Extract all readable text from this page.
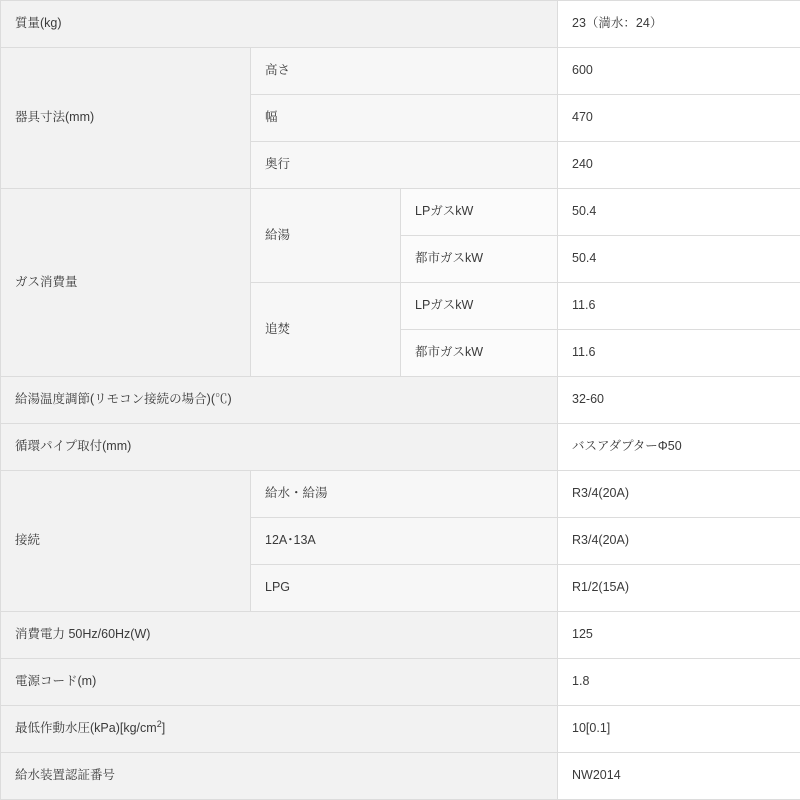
質量(kg)			23（満水：24）
器具寸法(mm)	高さ		600
	幅		470
	奥行		240
ガス消費量	給湯	LPガスkW	50.4
		都市ガスkW	50.4
	追焚	LPガスkW	11.6
		都市ガスkW	11.6
給湯温度調節(リモコン接続の場合)(℃)			32-60
循環パイプ取付(mm)			バスアダプターΦ50
接続	給水・給湯		R3/4(20A)
	12A･13A		R3/4(20A)
	LPG		R1/2(15A)
消費電力 50Hz/60Hz(W)			125
電源コード(m)			1.8
最低作動水圧$(kPa)[kg/cm^2]$			10[0.1]
給水装置認証番号			NW2014
